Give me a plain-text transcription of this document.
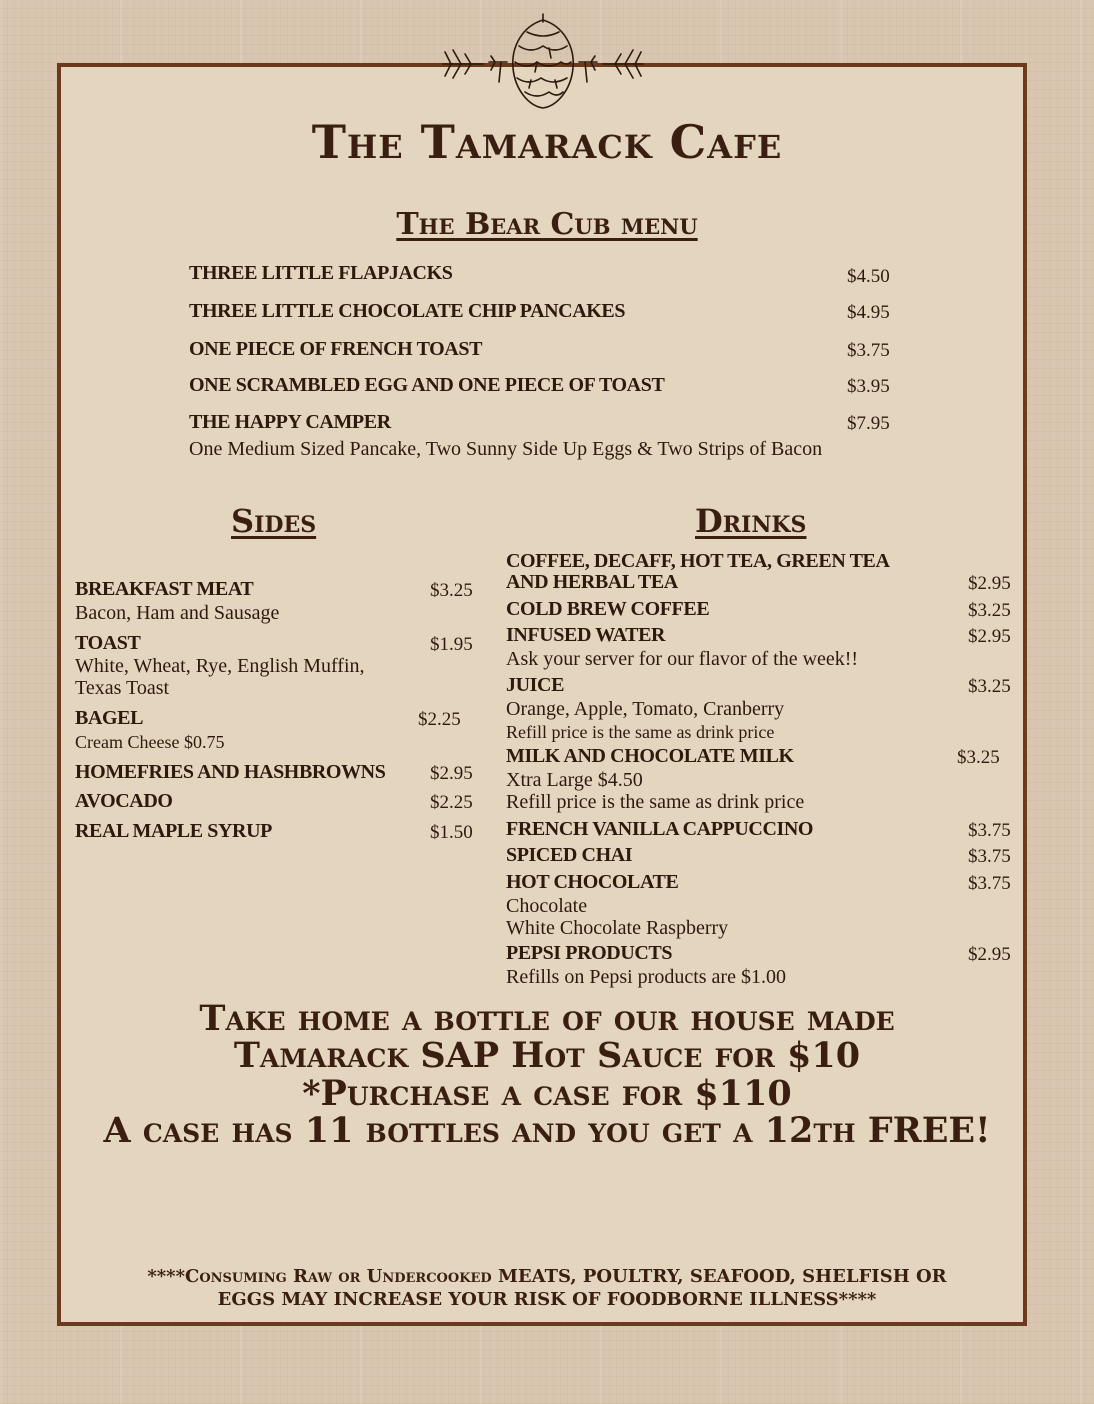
The Tamarack Cafe
The Bear Cub menu
THREE LITTLE FLAPJACKS	$4.50
THREE LITTLE CHOCOLATE CHIP PANCAKES	$4.95
ONE PIECE OF FRENCH TOAST	$3.75
ONE SCRAMBLED EGG AND ONE PIECE OF TOAST	$3.95
THE HAPPY CAMPER	$7.95
One Medium Sized Pancake, Two Sunny Side Up Eggs & Two Strips of Bacon
Sides
BREAKFAST MEAT	$3.25
Bacon, Ham and Sausage
TOAST	$1.95
White, Wheat, Rye, English Muffin,
Texas Toast
BAGEL	$2.25
Cream Cheese $0.75
HOMEFRIES AND HASHBROWNS $2.95
AVOCADO	$2.25
REAL MAPLE SYRUP	$1.50
Drinks
COFFEE, DECAFF, HOT TEA, GREEN TEA
AND HERBAL TEA	$2.95
COLD BREW COFFEE	$3.25
INFUSED WATER	$2.95
Ask your server for our flavor of the week!!
JUICE	$3.25
Orange, Apple, Tomato, Cranberry
Refill price is the same as drink price
MILK AND CHOCOLATE MILK	$3.25
Xtra Large $4.50
Refill price is the same as drink price
FRENCH VANILLA CAPPUCCINO	$3.75
SPICED CHAI	$3.75
HOT CHOCOLATE	$3.75
Chocolate
White Chocolate Raspberry
PEPSI PRODUCTS	$2.95
Refills on Pepsi products are $1.00
Take home a bottle of our house made
Tamarack SAP Hot Sauce for $10
*Purchase a case for $110
A case has 11 bottles and you get a 12th FREE!
****Consuming Raw or Undercooked MEATS, POULTRY, SEAFOOD, SHELFISH OR
EGGS MAY INCREASE YOUR RISK OF FOODBORNE ILLNESS****
